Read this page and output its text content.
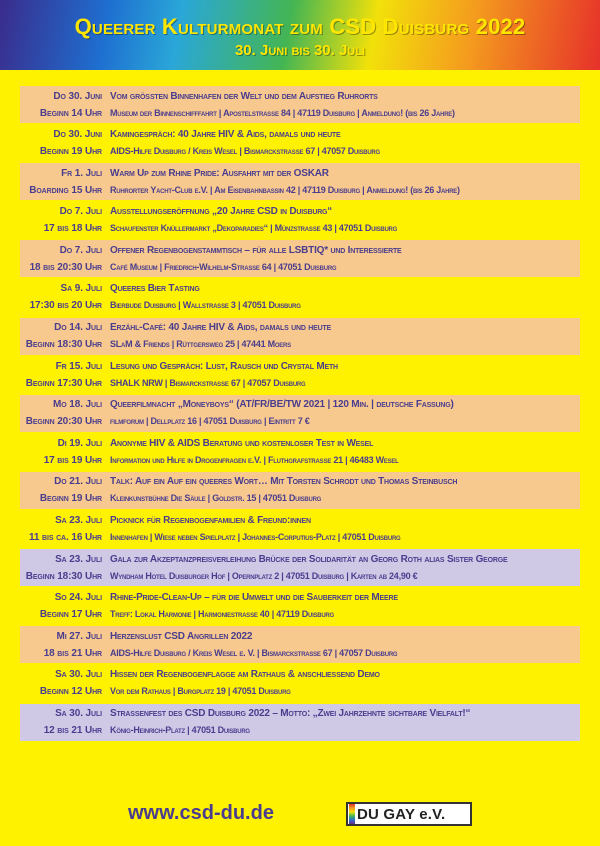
Queerer Kulturmonat zum CSD Duisburg 2022
30. Juni bis 30. Juli
Do 30. Juni Vom größten Binnenhafen der Welt und dem Aufstieg Ruhrorts
Beginn 14 Uhr Museum der Binnenschifffahrt | Apostelstraße 84 | 47119 Duisburg | Anmeldung! (bis 26 Jahre)
Do 30. Juni Kamingespräch: 40 Jahre HIV & Aids, damals und heute
Beginn 19 Uhr AIDS-Hilfe Duisburg / Kreis Wesel | Bismarckstraße 67 | 47057 Duisburg
Fr 1. Juli Warm Up zum Rhine Pride: Ausfahrt mit der OSKAR
Boarding 15 Uhr Ruhrorter Yacht-Club e.V. | Am Eisenbahnbassin 42 | 47119 Duisburg | Anmeldung! (bis 26 Jahre)
Do 7. Juli Ausstellungseröffnung „20 Jahre CSD in Duisburg“
17 bis 18 Uhr Schaufenster Knüllermarkt „Dekoparadies“ | Münzstraße 43 | 47051 Duisburg
Do 7. Juli Offener Regenbogenstammtisch – für alle LSBTIQ* und Interessierte
18 bis 20:30 Uhr Café Museum | Friedrich-Wilhelm-Strasse 64 | 47051 Duisburg
Sa 9. Juli Queeres Bier Tasting
17:30 bis 20 Uhr Bierbude Duisburg | Wallstraße 3 | 47051 Duisburg
Do 14. Juli Erzähl-Café: 40 Jahre HIV & Aids, damals und heute
Beginn 18:30 Uhr SLaM & Friends | Rüttgersweg 25 | 47441 Moers
Fr 15. Juli Lesung und Gespräch: Lust, Rausch und Crystal Meth
Beginn 17:30 Uhr SHALK NRW | Bismarckstraße 67 | 47057 Duisburg
Mo 18. Juli Queerfilmnacht „Moneyboys“ (AT/FR/BE/TW 2021 | 120 Min. | deutsche Fassung)
Beginn 20:30 Uhr filmforum | Dellplatz 16 | 47051 Duisburg | Eintritt 7 €
Di 19. Juli Anonyme HIV & AIDS Beratung und kostenloser Test in Wesel
17 bis 19 Uhr Information und Hilfe in Drogenfragen e.V. | Fluthgrafstraße 21 | 46483 Wesel
Do 21. Juli Talk: Auf ein Auf ein queeres Wort… Mit Torsten Schrodt und Thomas Steinbusch
Beginn 19 Uhr Kleinkunstbühne Die Säule | Goldstr. 15 | 47051 Duisburg
Sa 23. Juli Picknick für Regenbogenfamilien & Freund:innen
11 bis ca. 16 Uhr Innenhafen | Wiese neben Spielplatz | Johannes-Corputius-Platz | 47051 Duisburg
Sa 23. Juli Gala zur Akzeptanzpreisverleihung Brücke der Solidarität an Georg Roth alias Sister George
Beginn 18:30 Uhr Wyndham Hotel Duisburger Hof | Opernplatz 2 | 47051 Duisburg | Karten ab 24,90 €
So 24. Juli Rhine-Pride-Clean-Up – für die Umwelt und die Sauberkeit der Meere
Beginn 17 Uhr Treff: Lokal Harmonie | Harmoniestraße 40 | 47119 Duisburg
Mi 27. Juli Herzenslust CSD Angrillen 2022
18 bis 21 Uhr AIDS-Hilfe Duisburg / Kreis Wesel e. V. | Bismarckstrasse 67 | 47057 Duisburg
Sa 30. Juli Hissen der Regenbogenflagge am Rathaus & anschließend Demo
Beginn 12 Uhr Vor dem Rathaus | Burgplatz 19 | 47051 Duisburg
Sa 30. Juli Straßenfest des CSD Duisburg 2022 – Motto: „Zwei Jahrzehnte sichtbare Vielfalt!“
12 bis 21 Uhr König-Heinrich-Platz | 47051 Duisburg
www.csd-du.de	DU GAY e.V.
